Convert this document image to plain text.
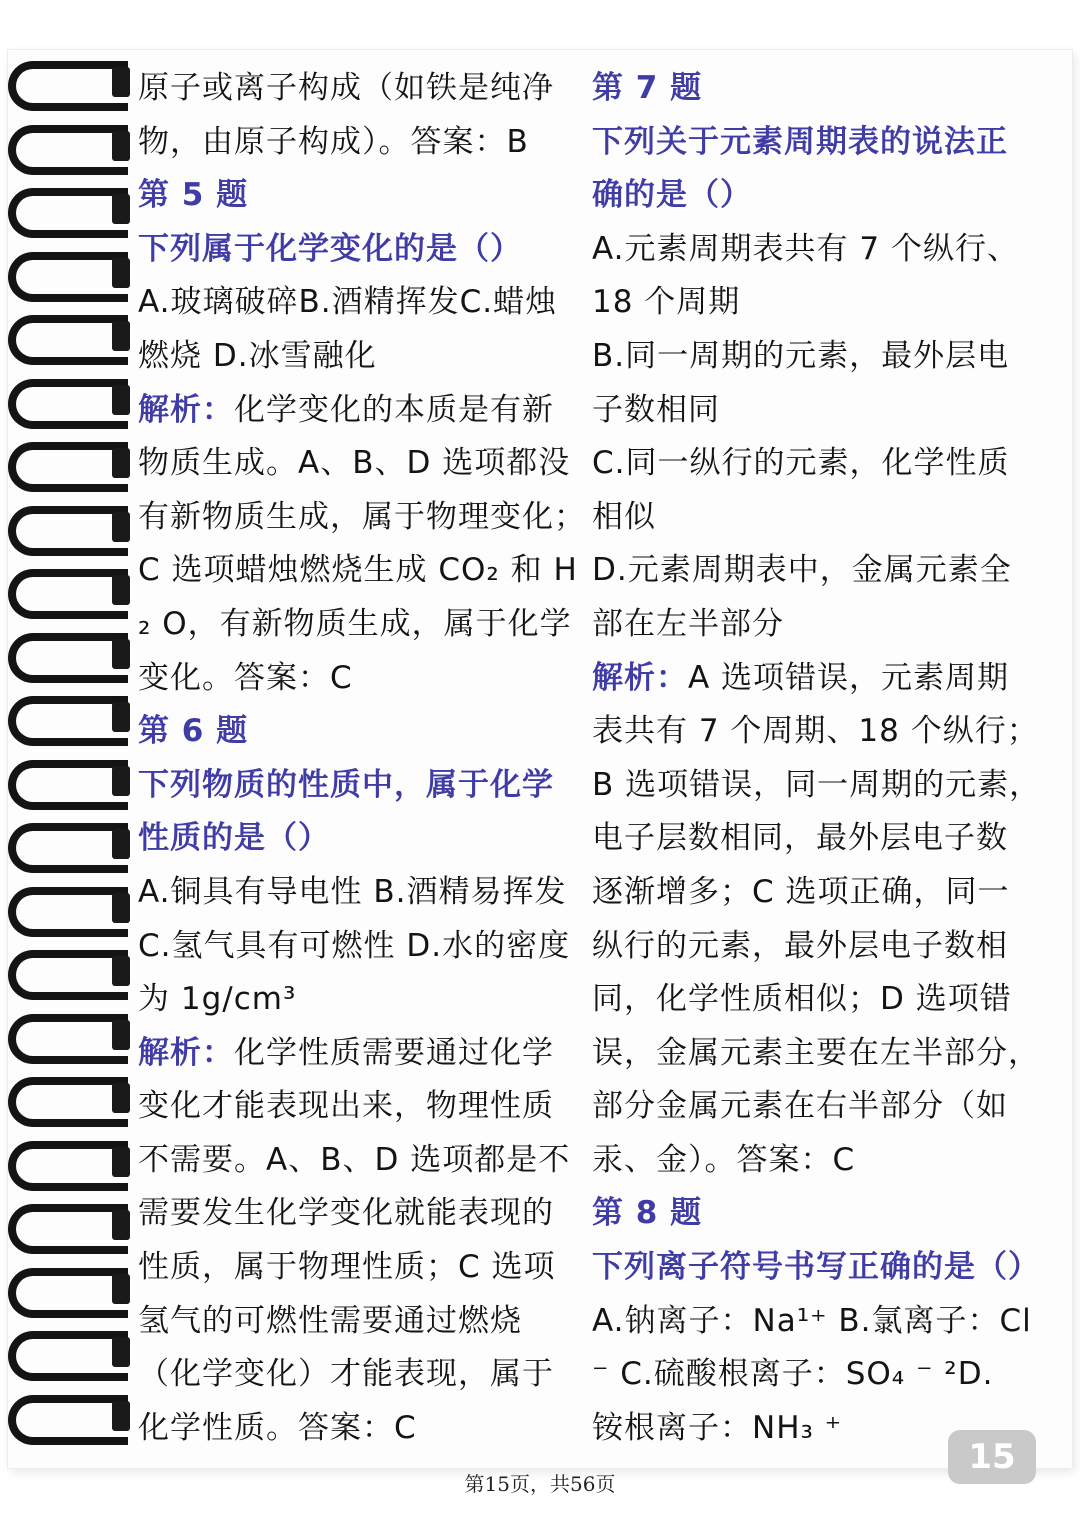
原子或离子构成（如铁是纯净
物，由原子构成）。答案：B
第 5 题
下列属于化学变化的是（）
A.玻璃破碎B.酒精挥发C.蜡烛
燃烧 D.冰雪融化
解析：化学变化的本质是有新
物质生成。A、B、D 选项都没
有新物质生成，属于物理变化；
C 选项蜡烛燃烧生成 CO₂ 和 H
₂ O，有新物质生成，属于化学
变化。答案：C
第 6 题
下列物质的性质中，属于化学
性质的是（）
A.铜具有导电性 B.酒精易挥发
C.氢气具有可燃性 D.水的密度
为 1g/cm³
解析：化学性质需要通过化学
变化才能表现出来，物理性质
不需要。A、B、D 选项都是不
需要发生化学变化就能表现的
性质，属于物理性质；C 选项
氢气的可燃性需要通过燃烧
（化学变化）才能表现，属于
化学性质。答案：C
第 7 题
下列关于元素周期表的说法正
确的是（）
A.元素周期表共有 7 个纵行、
18 个周期
B.同一周期的元素，最外层电
子数相同
C.同一纵行的元素，化学性质
相似
D.元素周期表中，金属元素全
部在左半部分
解析：A 选项错误，元素周期
表共有 7 个周期、18 个纵行；
B 选项错误，同一周期的元素，
电子层数相同，最外层电子数
逐渐增多；C 选项正确，同一
纵行的元素，最外层电子数相
同，化学性质相似；D 选项错
误，金属元素主要在左半部分，
部分金属元素在右半部分（如
汞、金）。答案：C
第 8 题
下列离子符号书写正确的是（）
A.钠离子：Na¹⁺ B.氯离子：Cl
⁻ C.硫酸根离子：SO₄ ⁻ ²D.
铵根离子：NH₃ ⁺
15
第15页，共56页
